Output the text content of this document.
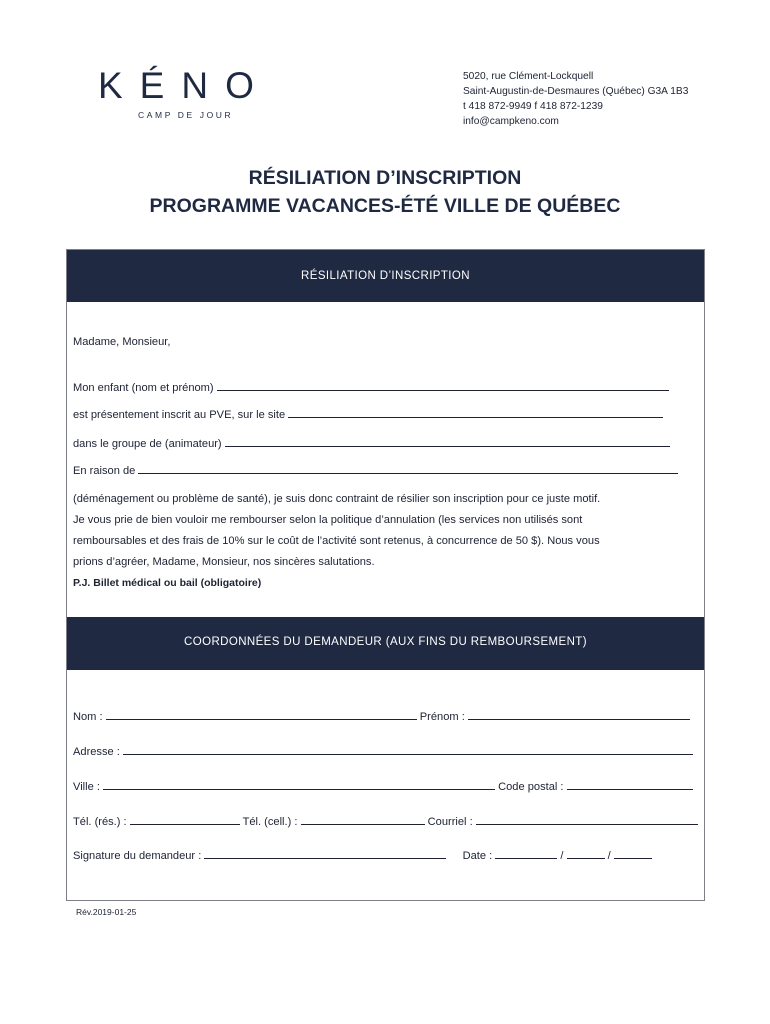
KÉNO
CAMP DE JOUR
5020, rue Clément-Lockquell
Saint-Augustin-de-Desmaures (Québec) G3A 1B3
t 418 872-9949 f 418 872-1239
info@campkeno.com
RÉSILIATION D’INSCRIPTION
PROGRAMME VACANCES-ÉTÉ VILLE DE QUÉBEC
RÉSILIATION D’INSCRIPTION
Madame, Monsieur,
Mon enfant (nom et prénom)
est présentement inscrit au PVE, sur le site
dans le groupe de (animateur)
En raison de
(déménagement ou problème de santé), je suis donc contraint de résilier son inscription pour ce juste motif.
Je vous prie de bien vouloir me rembourser selon la politique d’annulation (les services non utilisés sont
remboursables et des frais de 10% sur le coût de l’activité sont retenus, à concurrence de 50 $). Nous vous
prions d’agréer, Madame, Monsieur, nos sincères salutations.
P.J. Billet médical ou bail (obligatoire)
COORDONNÉES DU DEMANDEUR (AUX FINS DU REMBOURSEMENT)
Nom :	Prénom :
Adresse :
Ville :	Code postal :
Tél. (rés.) :	Tél. (cell.) :	Courriel :
Signature du demandeur :	Date :	/	/
Rév.2019-01-25
